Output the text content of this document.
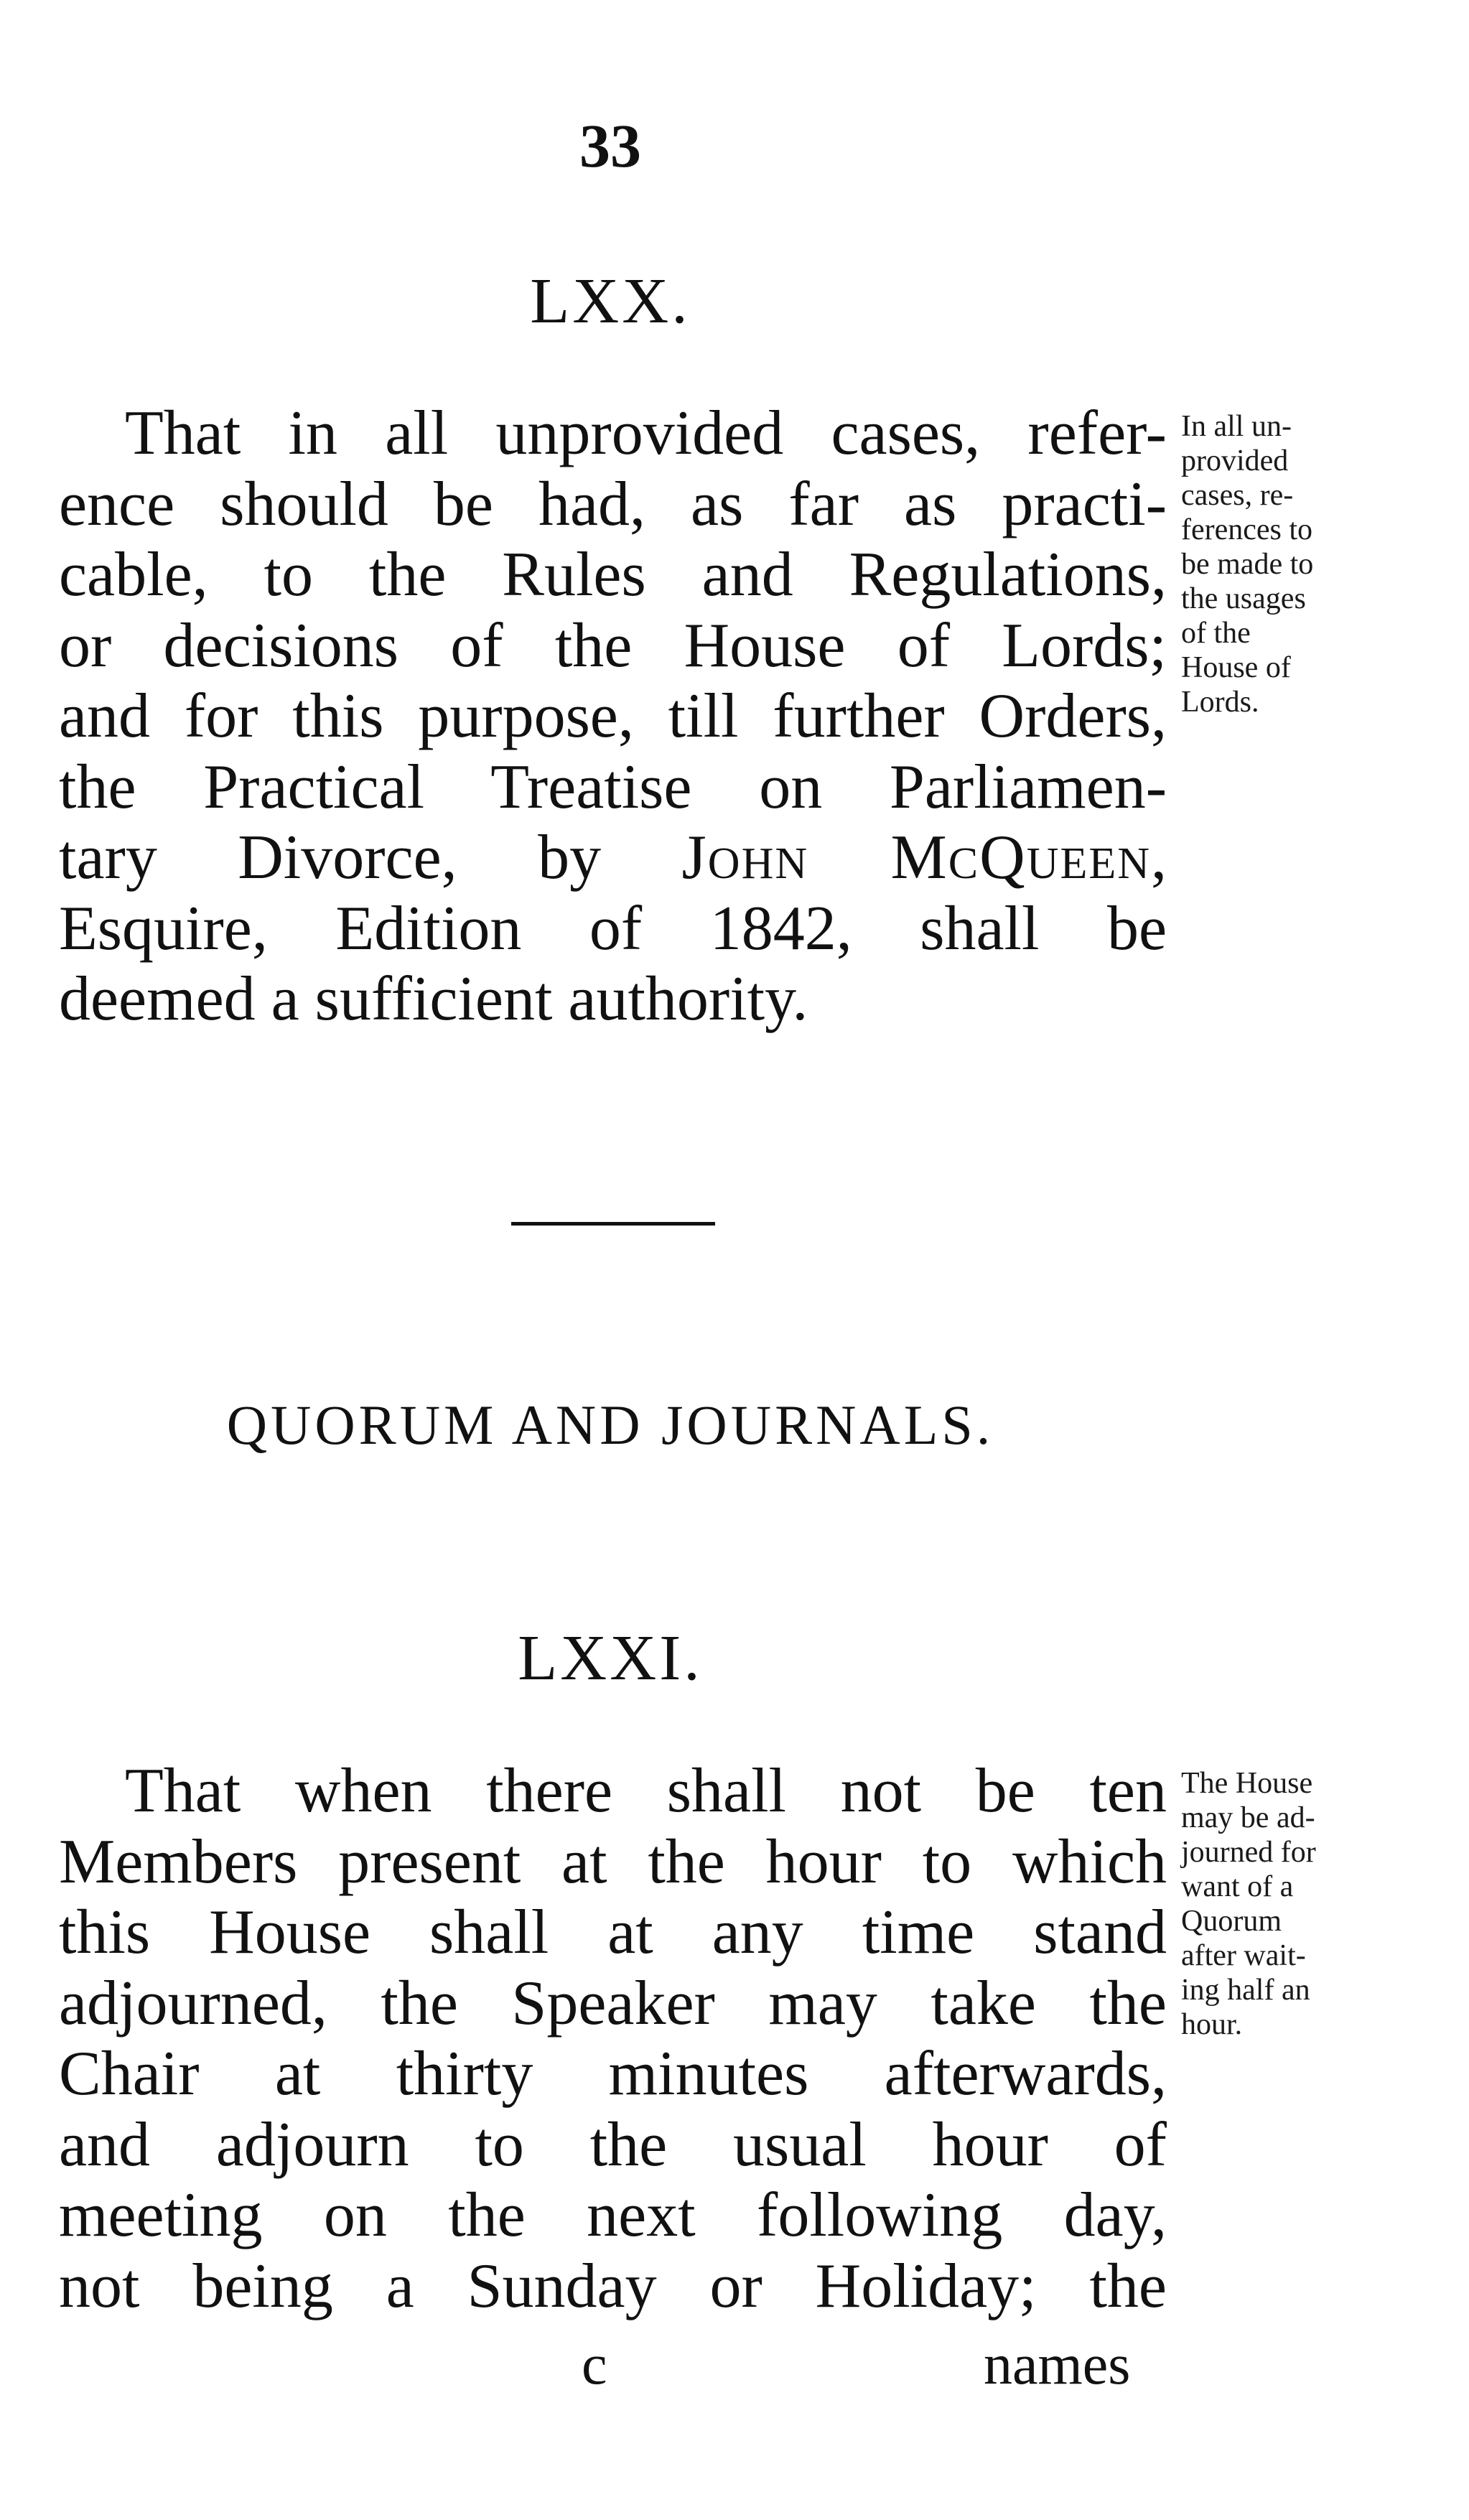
33
LXX.
That in all unprovided cases, refer-
ence should be had, as far as practi-
cable, to the Rules and Regulations,
or decisions of the House of Lords;
and for this purpose, till further Orders,
the Practical Treatise on Parliamen-
tary Divorce, by John McQueen,
Esquire, Edition of 1842, shall be
deemed a sufficient authority.
In all un-
provided
cases, re-
ferences to
be made to
the usages
of the
House of
Lords.
QUORUM AND JOURNALS.
LXXI.
That when there shall not be ten
Members present at the hour to which
this House shall at any time stand
adjourned, the Speaker may take the
Chair at thirty minutes afterwards,
and adjourn to the usual hour of
meeting on the next following day,
not being a Sunday or Holiday; the
The House
may be ad-
journed for
want of a
Quorum
after wait-
ing half an
hour.
c	names
